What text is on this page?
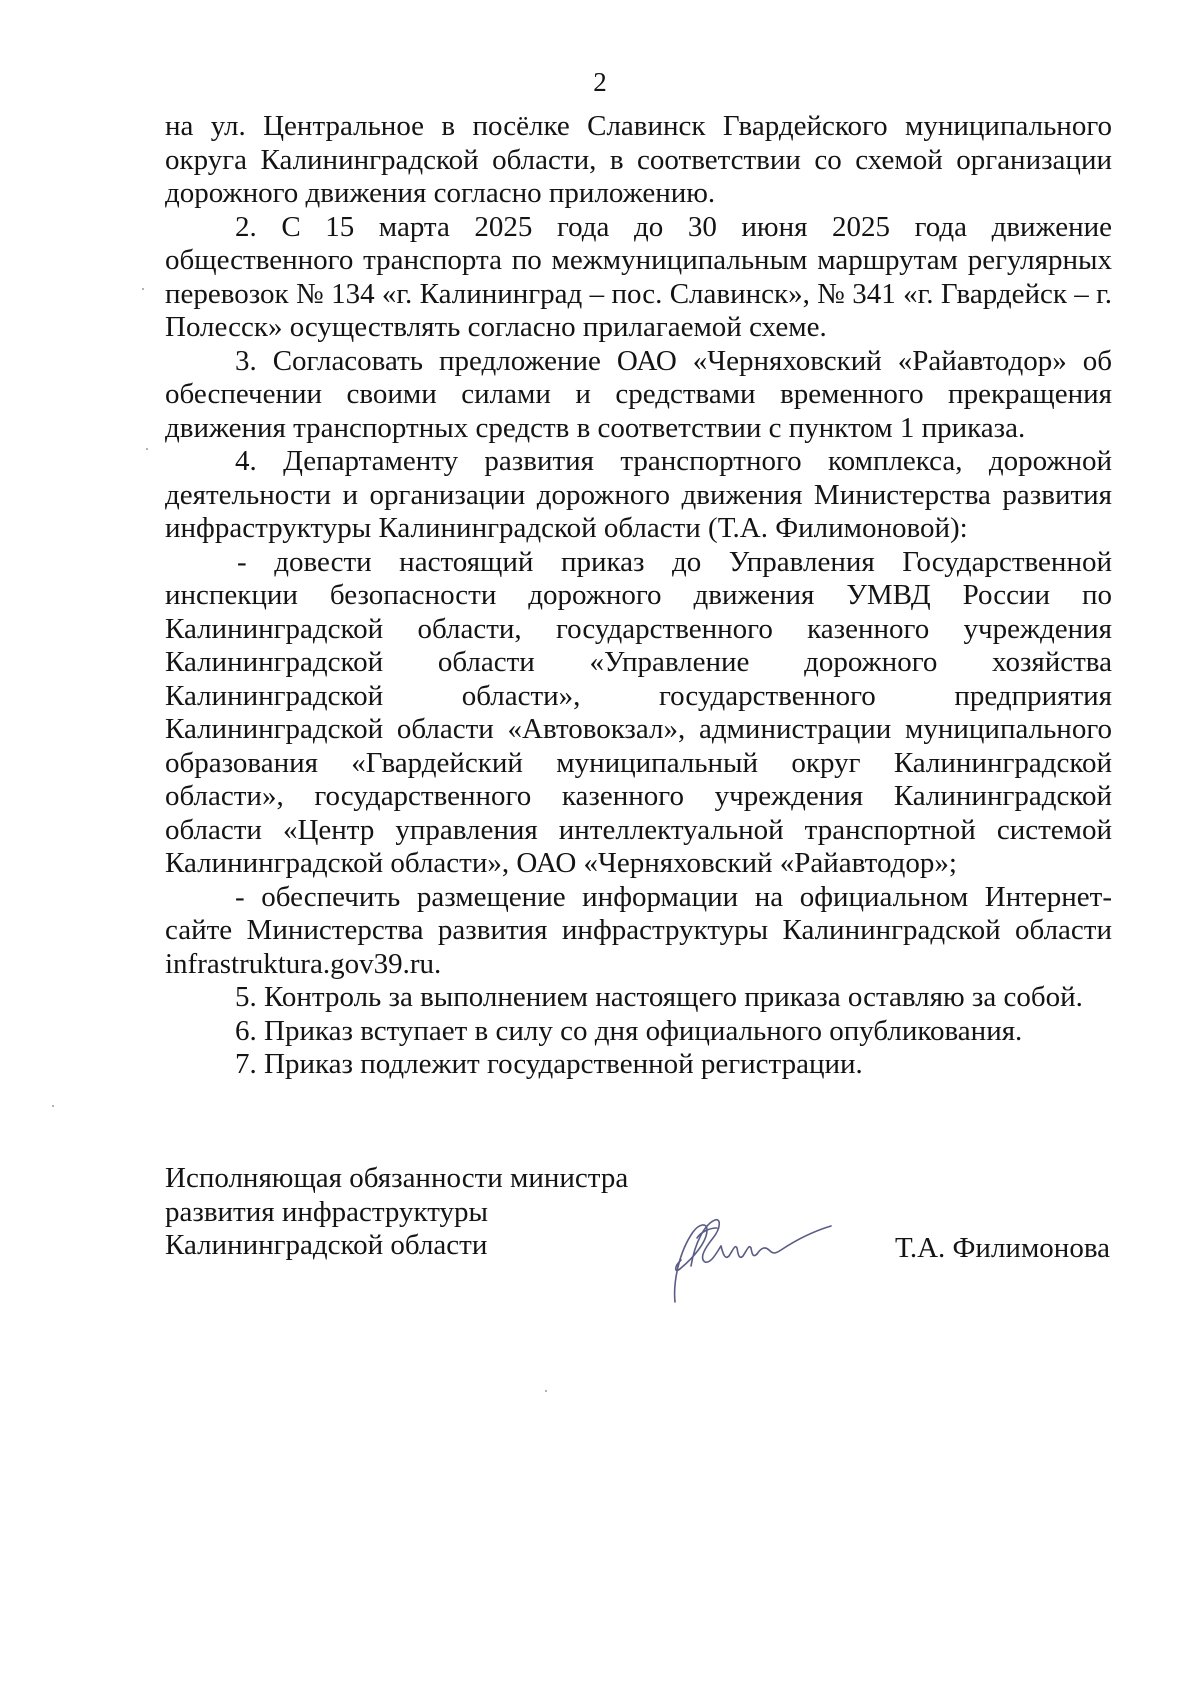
2

на ул. Центральное в посёлке Славинск Гвардейского муниципального округа Калининградской области, в соответствии со схемой организации дорожного движения согласно приложению.

2. С 15 марта 2025 года до 30 июня 2025 года движение общественного транспорта по межмуниципальным маршрутам регулярных перевозок № 134 «г. Калининград – пос. Славинск», № 341 «г. Гвардейск – г. Полесск» осуществлять согласно прилагаемой схеме.

3. Согласовать предложение ОАО «Черняховский «Райавтодор» об обеспечении своими силами и средствами временного прекращения движения транспортных средств в соответствии с пунктом 1 приказа.

4. Департаменту развития транспортного комплекса, дорожной деятельности и организации дорожного движения Министерства развития инфраструктуры Калининградской области (Т.А. Филимоновой):

- довести настоящий приказ до Управления Государственной инспекции безопасности дорожного движения УМВД России по Калининградской области, государственного казенного учреждения Калининградской области «Управление дорожного хозяйства Калининградской области», государственного предприятия Калининградской области «Автовокзал», администрации муниципального образования «Гвардейский муниципальный округ Калининградской области», государственного казенного учреждения Калининградской области «Центр управления интеллектуальной транспортной системой Калининградской области», ОАО «Черняховский «Райавтодор»;

- обеспечить размещение информации на официальном Интернет-сайте Министерства развития инфраструктуры Калининградской области infrastruktura.gov39.ru.

5. Контроль за выполнением настоящего приказа оставляю за собой.

6. Приказ вступает в силу со дня официального опубликования.

7. Приказ подлежит государственной регистрации.

Исполняющая обязанности министра
развития инфраструктуры
Калининградской области	Т.А. Филимонова
